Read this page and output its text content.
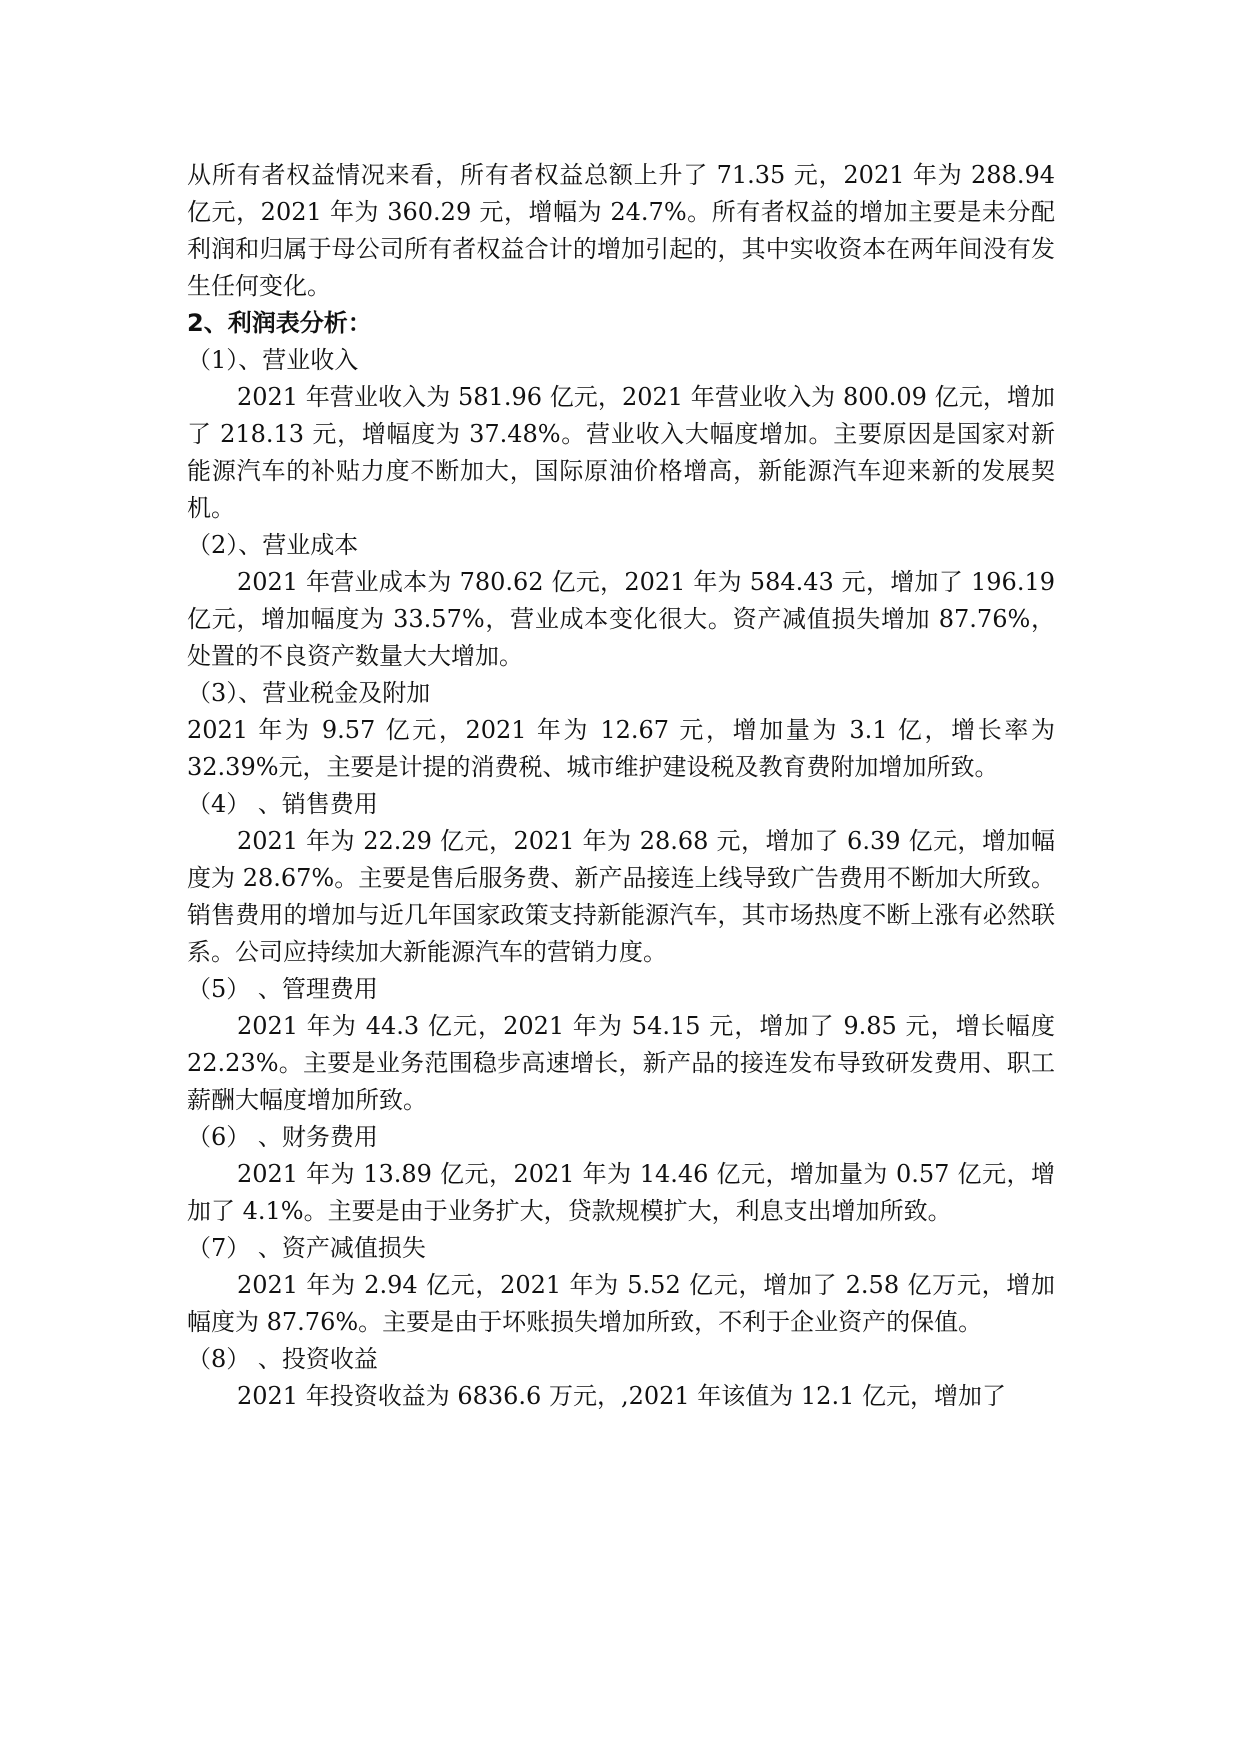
从所有者权益情况来看，所有者权益总额上升了 71.35 元，2021 年为 288.94 亿元，2021 年为 360.29 元，增幅为 24.7%。所有者权益的增加主要是未分配利润和归属于母公司所有者权益合计的增加引起的，其中实收资本在两年间没有发生任何变化。

2、利润表分析：

（1）、营业收入

2021 年营业收入为 581.96 亿元，2021 年营业收入为 800.09 亿元，增加了 218.13 元，增幅度为 37.48%。营业收入大幅度增加。主要原因是国家对新能源汽车的补贴力度不断加大，国际原油价格增高，新能源汽车迎来新的发展契机。

（2）、营业成本

2021 年营业成本为 780.62 亿元，2021 年为 584.43 元，增加了 196.19 亿元，增加幅度为 33.57%，营业成本变化很大。资产减值损失增加 87.76%，处置的不良资产数量大大增加。

（3）、营业税金及附加

2021 年为 9.57 亿元，2021 年为 12.67 元，增加量为 3.1 亿，增长率为 32.39%元，主要是计提的消费税、城市维护建设税及教育费附加增加所致。

（4） 、销售费用

2021 年为 22.29 亿元，2021 年为 28.68 元，增加了 6.39 亿元，增加幅度为 28.67%。主要是售后服务费、新产品接连上线导致广告费用不断加大所致。销售费用的增加与近几年国家政策支持新能源汽车，其市场热度不断上涨有必然联系。公司应持续加大新能源汽车的营销力度。

（5） 、管理费用

2021 年为 44.3 亿元，2021 年为 54.15 元，增加了 9.85 元，增长幅度 22.23%。主要是业务范围稳步高速增长，新产品的接连发布导致研发费用、职工薪酬大幅度增加所致。

（6） 、财务费用

2021 年为 13.89 亿元，2021 年为 14.46 亿元，增加量为 0.57 亿元，增加了 4.1%。主要是由于业务扩大，贷款规模扩大，利息支出增加所致。

（7） 、资产减值损失

2021 年为 2.94 亿元，2021 年为 5.52 亿元，增加了 2.58 亿万元，增加幅度为 87.76%。主要是由于坏账损失增加所致，不利于企业资产的保值。

（8） 、投资收益

2021 年投资收益为 6836.6 万元，,2021 年该值为 12.1 亿元，增加了
